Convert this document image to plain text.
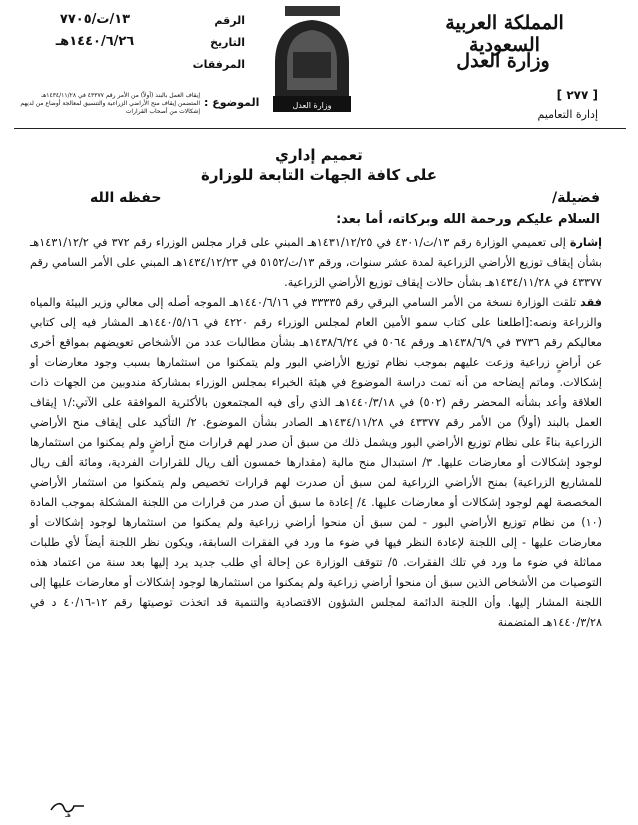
المملكة العربية السعودية
وزارة العدل
[ ٢٧٧ ]
إدارة التعاميم
وزارة العدل
الرقم
التاريخ
المرفقات
١٣/ت/٧٧٠٥
١٤٤٠/٦/٢٦هـ
الموضوع :
إيقاف العمل بالبند (أولاً) من الأمر رقم ٤٣٣٧٧ في ١٤٣٤/١١/٢٨هـ المتضمن إيقاف منح الأراضي الزراعية والتنسيق لمعالجة أوضاع من لديهم إشكالات من أصحاب القرارات
تعميم إداري
على كافة الجهات التابعة للوزارة
فضيلة/
حفظه الله
السلام عليكم ورحمة الله وبركاته، أما بعد:

إشارة إلى تعميمي الوزارة رقم ١٣/ت/٤٣٠١ في ١٤٣١/١٢/٢٥هـ المبني على قرار مجلس الوزراء رقم ٣٧٢ في ١٤٣١/١٢/٢هـ بشأن إيقاف توزيع الأراضي الزراعية لمدة عشر سنوات، ورقم ١٣/ت/٥١٥٢ في ١٤٣٤/١٢/٢٣هـ المبني على الأمر السامي رقم ٤٣٣٧٧ في ١٤٣٤/١١/٢٨هـ بشأن حالات إيقاف توزيع الأراضي الزراعية.

فقد تلقت الوزارة نسخة من الأمر السامي البرقي رقم ٣٣٣٣٥ في ١٤٤٠/٦/١٦هـ الموجه أصله إلى معالي وزير البيئة والمياه والزراعة ونصه:[اطلعنا على كتاب سمو الأمين العام لمجلس الوزراء رقم ٤٢٢٠ في ١٤٤٠/٥/١٦هـ المشار فيه إلى كتابي معاليكم رقم ٣٧٣٦ في ١٤٣٨/٦/٩هـ ورقم ٥٠٦٤ في ١٤٣٨/٦/٢٤هـ بشأن مطالبات عدد من الأشخاص تعويضهم بمواقع أخرى عن أراضٍ زراعية وزعت عليهم بموجب نظام توزيع الأراضي البور ولم يتمكنوا من استثمارها بسبب وجود معارضات أو إشكالات. وماتم إيضاحه من أنه تمت دراسة الموضوع في هيئة الخبراء بمجلس الوزراء بمشاركة مندوبين من الجهات ذات العلاقة وأعد بشأنه المحضر رقم (٥٠٢) في ١٤٤٠/٣/١٨هـ الذي رأى فيه المجتمعون بالأكثرية الموافقة على الآتي:/١ إيقاف العمل بالبند (أولاً) من الأمر رقم ٤٣٣٧٧ في ١٤٣٤/١١/٢٨هـ الصادر بشأن الموضوع. ٢/ التأكيد على إيقاف منح الأراضي الزراعية بناءً على نظام توزيع الأراضي البور ويشمل ذلك من سبق أن صدر لهم قرارات منح أراضٍ ولم يمكنوا من استثمارها لوجود إشكالات أو معارضات عليها. ٣/ استبدال منح مالية (مقدارها خمسون ألف ريال للقرارات الفردية، ومائة ألف ريال للمشاريع الزراعية) بمنح الأراضي الزراعية لمن سبق أن صدرت لهم قرارات تخصيص ولم يتمكنوا من استثمار الأراضي المخصصة لهم لوجود إشكالات أو معارضات عليها. ٤/ إعادة ما سبق أن صدر من قرارات من اللجنة المشكلة بموجب المادة (١٠) من نظام توزيع الأراضي البور - لمن سبق أن منحوا أراضي زراعية ولم يمكنوا من استثمارها لوجود إشكالات أو معارضات عليها - إلى اللجنة لإعادة النظر فيها في ضوء ما ورد في الفقرات السابقة، ويكون نظر اللجنة أيضاً لأي طلبات مماثلة في ضوء ما ورد في تلك الفقرات. ٥/ تتوقف الوزارة عن إحالة أي طلب جديد يرد إليها بعد سنة من اعتماد هذه التوصيات من الأشخاص الذين سبق أن منحوا أراضي زراعية ولم يمكنوا من استثمارها لوجود إشكالات أو معارضات عليها إلى اللجنة المشار إليها. وأن اللجنة الدائمة لمجلس الشؤون الاقتصادية والتنمية قد اتخذت توصيتها رقم ١٢-٤٠/١٦ د في ١٤٤٠/٣/٢٨هـ المتضمنة

هـ
